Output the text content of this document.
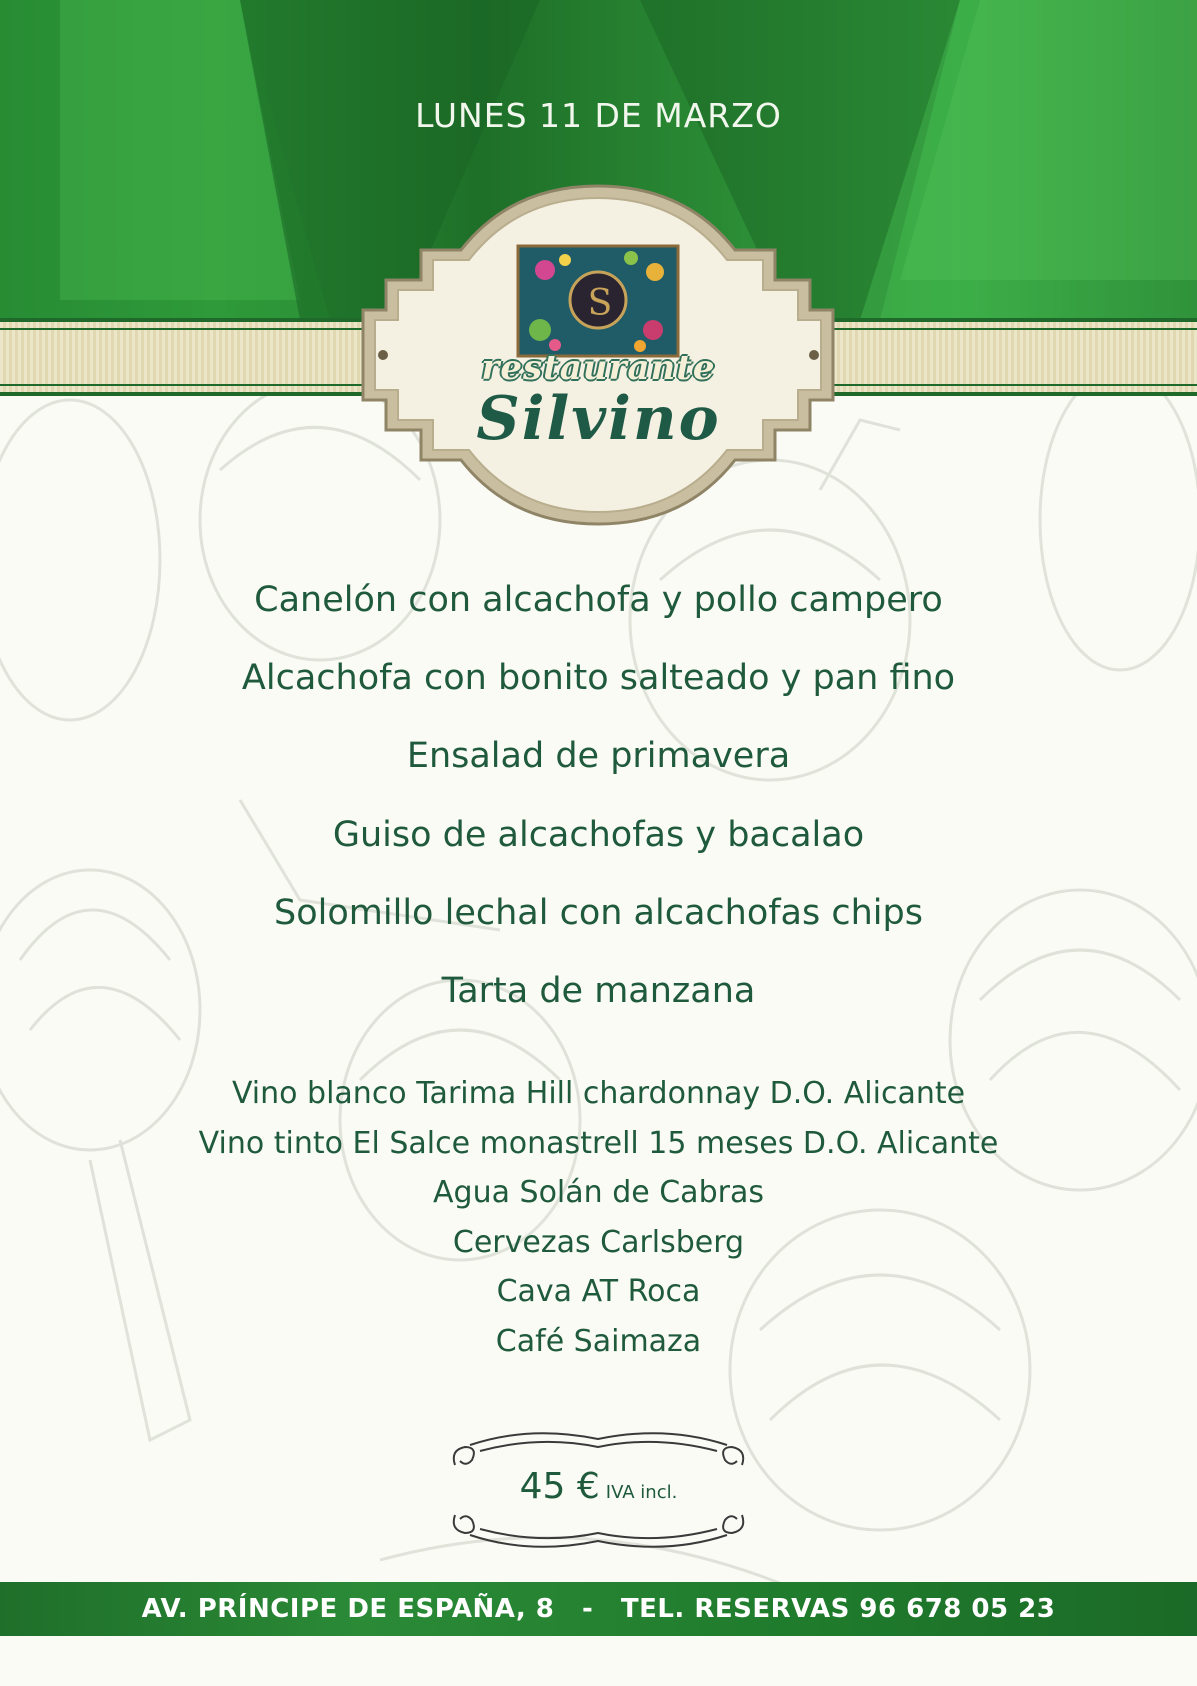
LUNES 11 DE MARZO
S
restaurante
Silvino
Canelón con alcachofa y pollo campero
Alcachofa con bonito salteado y pan fino
Ensalad de primavera
Guiso de alcachofas y bacalao
Solomillo lechal con alcachofas chips
Tarta de manzana
Vino blanco Tarima Hill chardonnay D.O. Alicante
Vino tinto El Salce monastrell 15 meses D.O. Alicante
Agua Solán de Cabras
Cervezas Carlsberg
Cava AT Roca
Café Saimaza
45 € IVA incl.
AV. PRÍNCIPE DE ESPAÑA, 8 - TEL. RESERVAS 96 678 05 23
